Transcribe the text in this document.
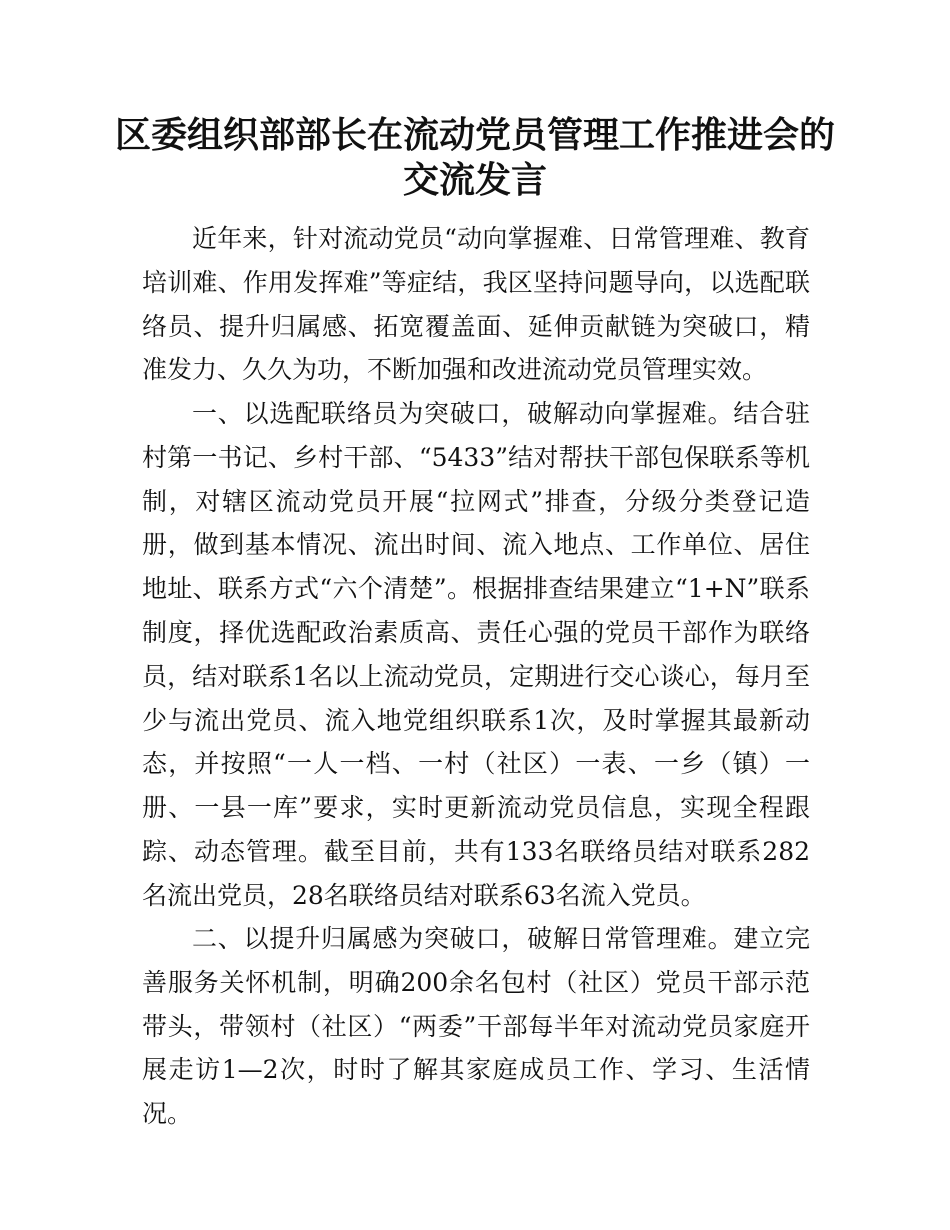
区委组织部部长在流动党员管理工作推进会的
交流发言

近年来，针对流动党员“动向掌握难、日常管理难、教育培训难、作用发挥难”等症结，我区坚持问题导向，以选配联络员、提升归属感、拓宽覆盖面、延伸贡献链为突破口，精准发力、久久为功，不断加强和改进流动党员管理实效。

一、以选配联络员为突破口，破解动向掌握难。结合驻村第一书记、乡村干部、“5433”结对帮扶干部包保联系等机制，对辖区流动党员开展“拉网式”排查，分级分类登记造册，做到基本情况、流出时间、流入地点、工作单位、居住地址、联系方式“六个清楚”。根据排查结果建立“1+N”联系制度，择优选配政治素质高、责任心强的党员干部作为联络员，结对联系1名以上流动党员，定期进行交心谈心，每月至少与流出党员、流入地党组织联系1次，及时掌握其最新动态，并按照“一人一档、一村（社区）一表、一乡（镇）一册、一县一库”要求，实时更新流动党员信息，实现全程跟踪、动态管理。截至目前，共有133名联络员结对联系282名流出党员，28名联络员结对联系63名流入党员。

二、以提升归属感为突破口，破解日常管理难。建立完善服务关怀机制，明确200余名包村（社区）党员干部示范带头，带领村（社区）“两委”干部每半年对流动党员家庭开展走访1—2次，时时了解其家庭成员工作、学习、生活情况。
